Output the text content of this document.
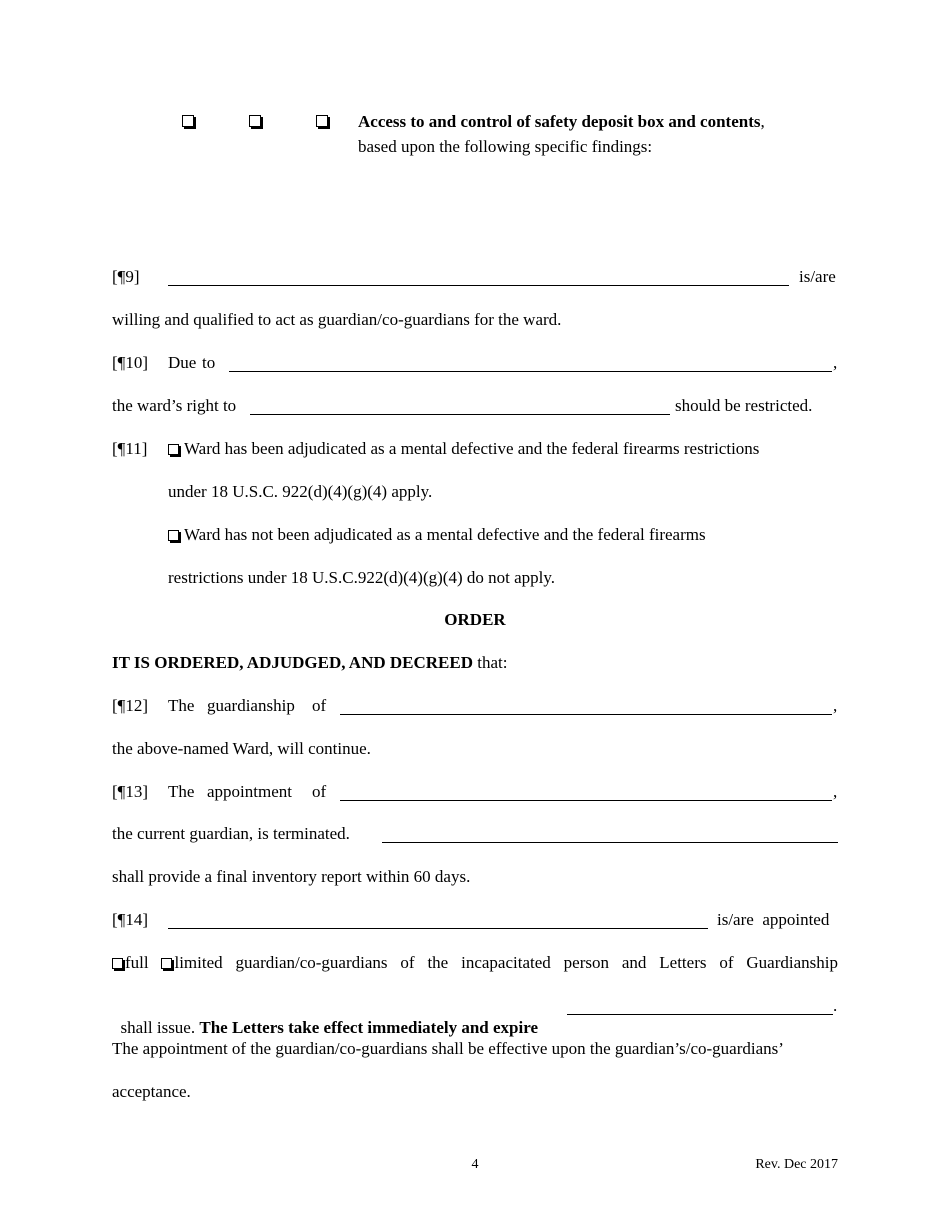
Access to and control of safety deposit box and contents,
based upon the following specific findings:
[¶9]	is/are
willing and qualified to act as guardian/co-guardians for the ward.
[¶10] Due to	,
the ward’s right to	should be restricted.
[¶11]	Ward has been adjudicated as a mental defective and the federal firearms restrictions
under 18 U.S.C. 922(d)(4)(g)(4) apply.
Ward has not been adjudicated as a mental defective and the federal firearms
restrictions under 18 U.S.C.922(d)(4)(g)(4) do not apply.
ORDER
IT IS ORDERED, ADJUDGED, AND DECREED that:
[¶12] The guardianship of	,
the above-named Ward, will continue.
[¶13] The appointment of	,
the current guardian, is terminated.
shall provide a final inventory report within 60 days.
[¶14]	is/are  appointed
full	limited guardian/co-guardians of the incapacitated person and Letters of Guardianship

shall issue. The Letters take effect immediately and expire

.
The appointment of the guardian/co-guardians shall be effective upon the guardian’s/co-guardians’
acceptance.
4	Rev. Dec 2017
